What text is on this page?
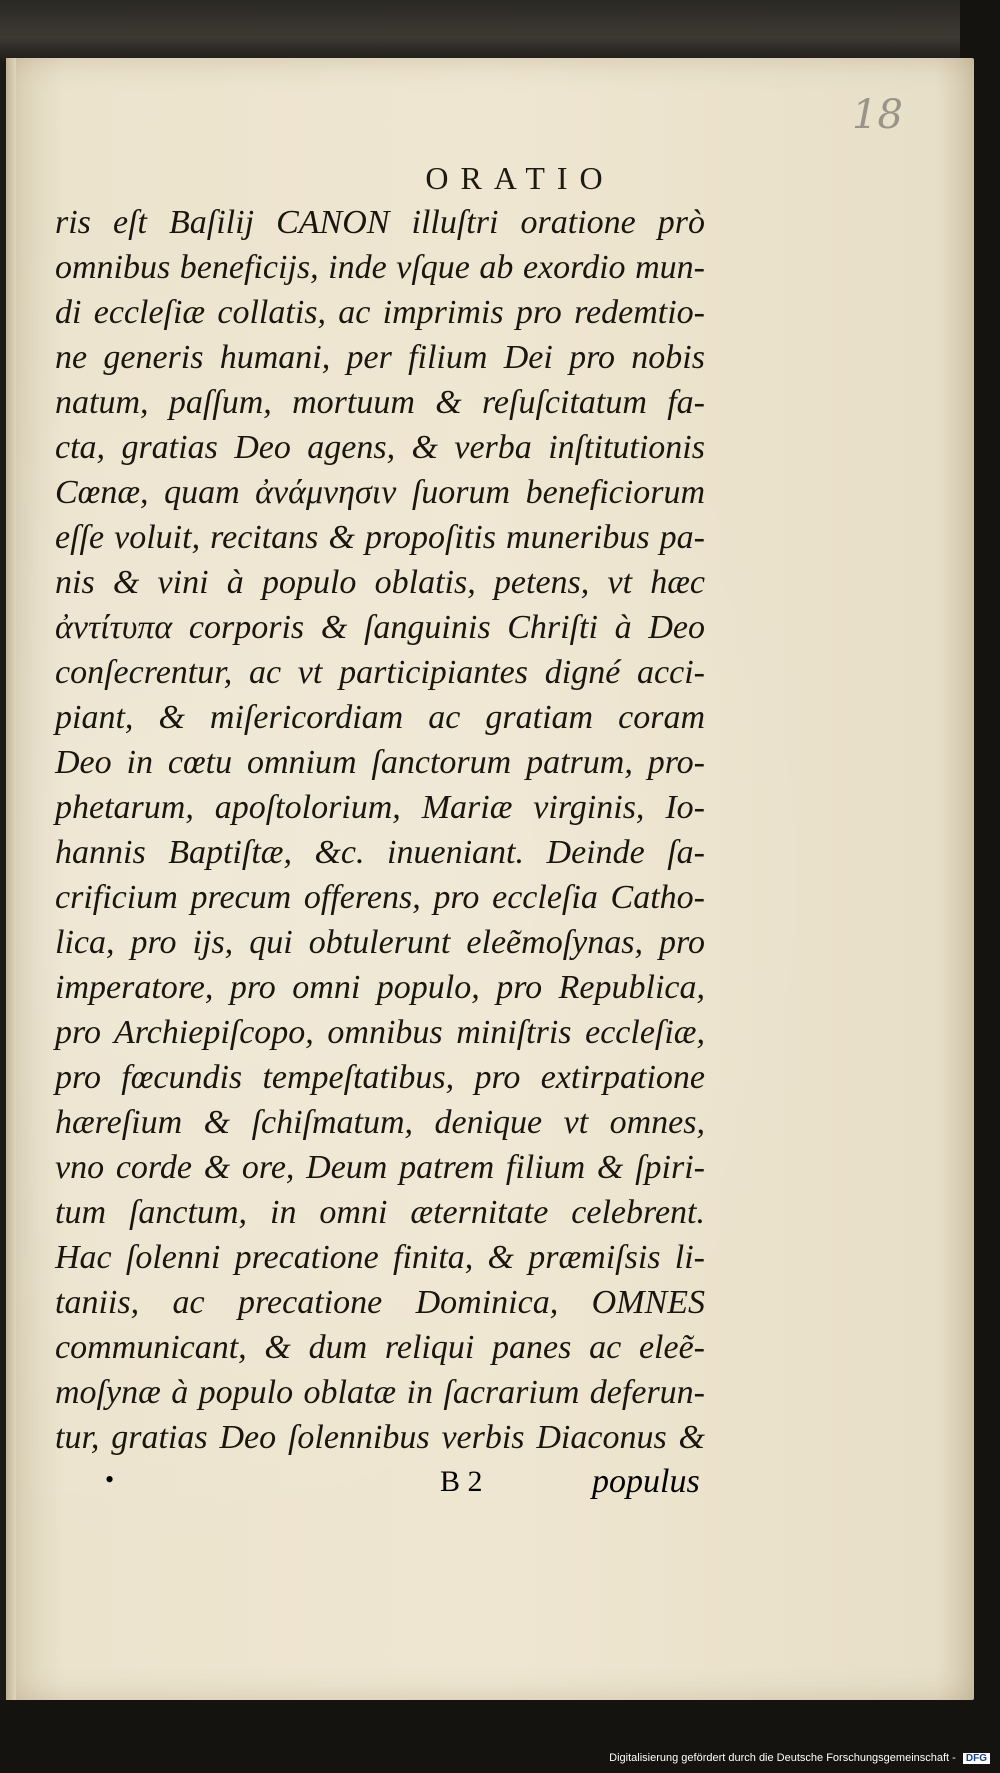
18
ORATIO
ris eſt Baſilij CANON illuſtri oratione prò
omnibus beneficijs, inde vſque ab exordio mun-
di eccleſiæ collatis, ac imprimis pro redemtio-
ne generis humani, per filium Dei pro nobis
natum, paſſum, mortuum & reſuſcitatum fa-
cta, gratias Deo agens, & verba inſtitutionis
Cœnæ, quam ἀνάμνησιν ſuorum beneficiorum
eſſe voluit, recitans & propoſitis muneribus pa-
nis & vini à populo oblatis, petens, vt hæc
ἀντίτυπα corporis & ſanguinis Chriſti à Deo
conſecrentur, ac vt participiantes digné acci-
piant, & miſericordiam ac gratiam coram
Deo in cœtu omnium ſanctorum patrum, pro-
phetarum, apoſtolorium, Mariæ virginis, Io-
hannis Baptiſtæ, &c. inueniant. Deinde ſa-
crificium precum offerens, pro eccleſia Catho-
lica, pro ijs, qui obtulerunt eleẽmoſynas, pro
imperatore, pro omni populo, pro Republica,
pro Archiepiſcopo, omnibus miniſtris eccleſiæ,
pro fœcundis tempeſtatibus, pro extirpatione
hæreſium & ſchiſmatum, denique vt omnes,
vno corde & ore, Deum patrem filium & ſpiri-
tum ſanctum, in omni æternitate celebrent.
Hac ſolenni precatione finita, & præmiſsis li-
taniis, ac precatione Dominica, OMNES
communicant, & dum reliqui panes ac eleẽ-
moſynæ à populo oblatæ in ſacrarium deferun-
tur, gratias Deo ſolennibus verbis Diaconus &
•	B 2	populus
Digitalisierung gefördert durch die Deutsche Forschungsgemeinschaft - DFG
